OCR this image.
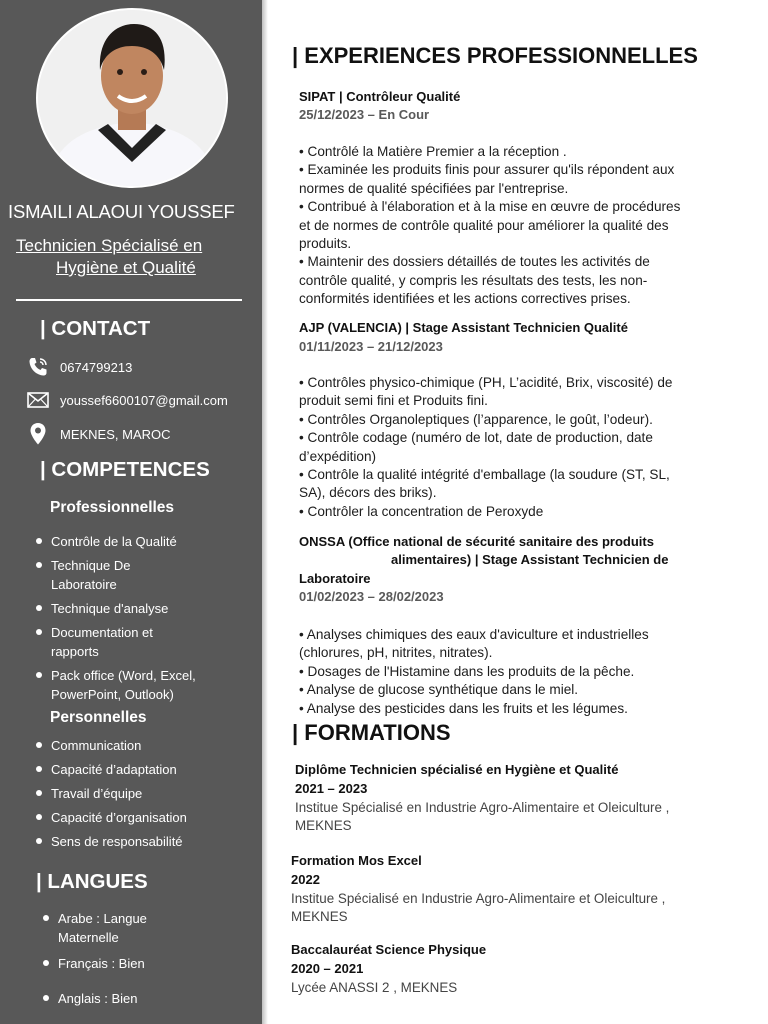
ISMAILI ALAOUI YOUSSEF
Technicien Spécialisé en
Hygiène et Qualité
| CONTACT
0674799213
youssef6600107@gmail.com
MEKNES, MAROC
| COMPETENCES
Professionnelles
Contrôle de la Qualité
Technique De
Laboratoire
Technique d'analyse
Documentation et
rapports
Pack office (Word, Excel,
PowerPoint, Outlook)
Personnelles
Communication
Capacité d’adaptation
Travail d’équipe
Capacité d’organisation
Sens de responsabilité
| LANGUES
Arabe : Langue
Maternelle
Français : Bien
Anglais : Bien
| EXPERIENCES PROFESSIONNELLES
SIPAT | Contrôleur Qualité
25/12/2023 – En Cour
• Contrôlé la Matière Premier a la réception .
• Examinée les produits finis pour assurer qu'ils répondent aux
normes de qualité spécifiées par l'entreprise.
• Contribué à l'élaboration et à la mise en œuvre de procédures
et de normes de contrôle qualité pour améliorer la qualité des
produits.
• Maintenir des dossiers détaillés de toutes les activités de
contrôle qualité, y compris les résultats des tests, les non-
conformités identifiées et les actions correctives prises.
AJP (VALENCIA) | Stage Assistant Technicien Qualité
01/11/2023 – 21/12/2023
• Contrôles physico-chimique (PH, L’acidité, Brix, viscosité) de
produit semi fini et Produits fini.
• Contrôles Organoleptiques (l’apparence, le goût, l’odeur).
• Contrôle codage (numéro de lot, date de production, date
d’expédition)
• Contrôle la qualité intégrité d'emballage (la soudure (ST, SL,
SA), décors des briks).
• Contrôler la concentration de Peroxyde
ONSSA (Office national de sécurité sanitaire des produits
alimentaires) | Stage Assistant Technicien de
Laboratoire
01/02/2023 – 28/02/2023
• Analyses chimiques des eaux d'aviculture et industrielles
(chlorures, pH, nitrites, nitrates).
• Dosages de l'Histamine dans les produits de la pêche.
• Analyse de glucose synthétique dans le miel.
• Analyse des pesticides dans les fruits et les légumes.
| FORMATIONS
Diplôme Technicien spécialisé en Hygiène et Qualité
2021 – 2023
Institue Spécialisé en Industrie Agro-Alimentaire et Oleiculture ,
MEKNES
Formation Mos Excel
2022
Institue Spécialisé en Industrie Agro-Alimentaire et Oleiculture ,
MEKNES
Baccalauréat Science Physique
2020 – 2021
Lycée ANASSI 2 , MEKNES
